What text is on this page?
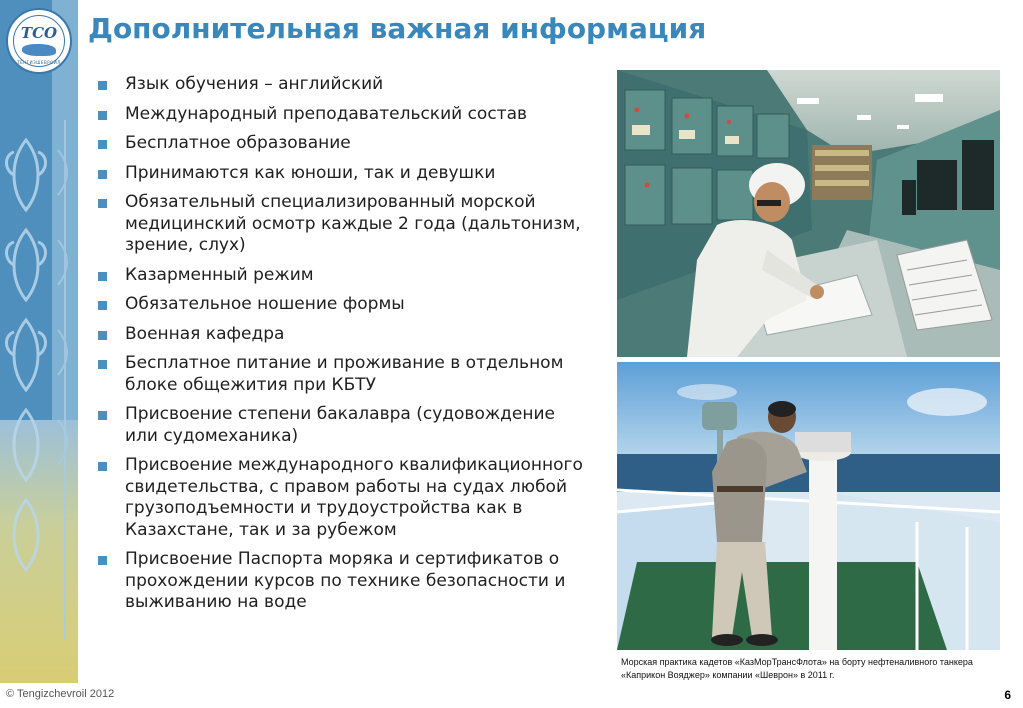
TCO
ТЕНГИЗШЕВРОЙЛ
Дополнительная важная информация
Язык обучения – английский
Международный преподавательский состав
Бесплатное образование
Принимаются как юноши, так и девушки
Обязательный специализированный морской медицинский осмотр каждые 2 года (дальтонизм, зрение, слух)
Казарменный режим
Обязательное ношение формы
Военная кафедра
Бесплатное питание и проживание в отдельном блоке общежития при КБТУ
Присвоение степени бакалавра (судовождение или судомеханика)
Присвоение международного квалификационного свидетельства, с правом работы на судах любой грузоподъемности и трудоустройства как в Казахстане, так и за рубежом
Присвоение Паспорта моряка и сертификатов о прохождении курсов по технике безопасности и выживанию на воде

Морская практика кадетов «КазМорТрансФлота» на борту нефтеналивного танкера «Каприкон Вояджер» компании «Шеврон» в 2011 г.

© Tengizchevroil 2012	6
